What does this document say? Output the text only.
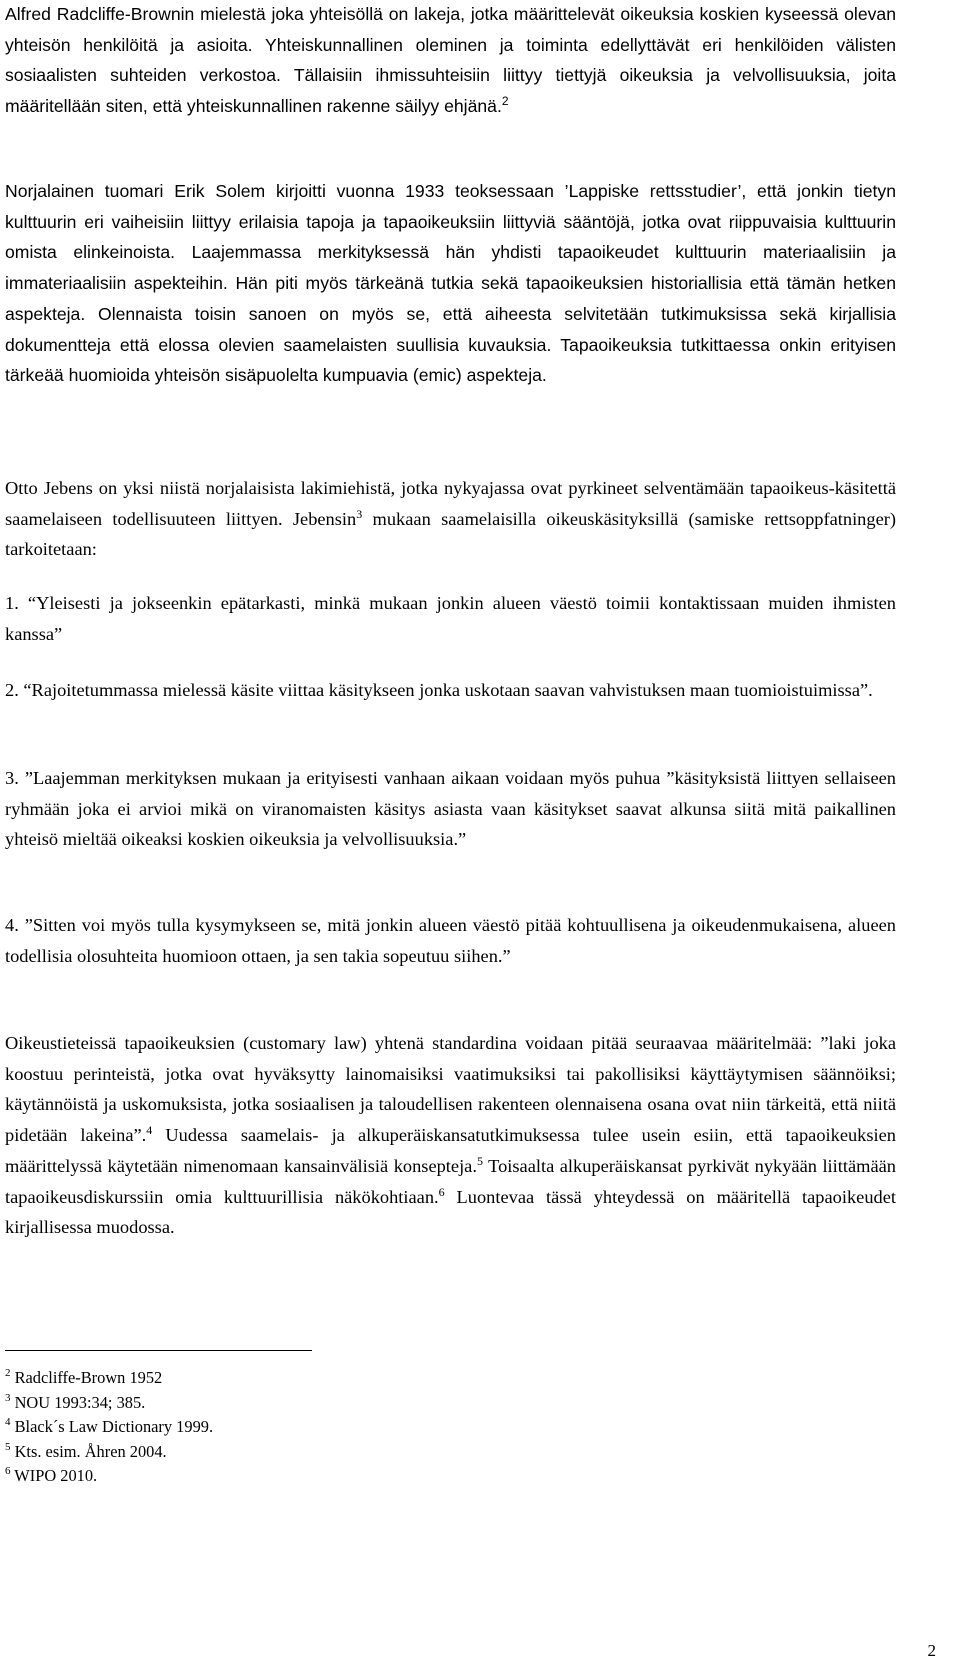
Alfred Radcliffe-Brownin mielestä joka yhteisöllä on lakeja, jotka määrittelevät oikeuksia koskien kyseessä olevan yhteisön henkilöitä ja asioita. Yhteiskunnallinen oleminen ja toiminta edellyttävät eri henkilöiden välisten sosiaalisten suhteiden verkostoa. Tällaisiin ihmissuhteisiin liittyy tiettyjä oikeuksia ja velvollisuuksia, joita määritellään siten, että yhteiskunnallinen rakenne säilyy ehjänä.$^2$

Norjalainen tuomari Erik Solem kirjoitti vuonna 1933 teoksessaan ’Lappiske rettsstudier’, että jonkin tietyn kulttuurin eri vaiheisiin liittyy erilaisia tapoja ja tapaoikeuksiin liittyviä sääntöjä, jotka ovat riippuvaisia kulttuurin omista elinkeinoista. Laajemmassa merkityksessä hän yhdisti tapaoikeudet kulttuurin materiaalisiin ja immateriaalisiin aspekteihin. Hän piti myös tärkeänä tutkia sekä tapaoikeuksien historiallisia että tämän hetken aspekteja. Olennaista toisin sanoen on myös se, että aiheesta selvitetään tutkimuksissa sekä kirjallisia dokumentteja että elossa olevien saamelaisten suullisia kuvauksia. Tapaoikeuksia tutkittaessa onkin erityisen tärkeää huomioida yhteisön sisäpuolelta kumpuavia (emic) aspekteja.

Otto Jebens on yksi niistä norjalaisista lakimiehistä, jotka nykyajassa ovat pyrkineet selventämään tapaoikeus-käsitettä saamelaiseen todellisuuteen liittyen. Jebensin$^3$ mukaan saamelaisilla oikeuskäsityksillä (samiske rettsoppfatninger) tarkoitetaan:

1. “Yleisesti ja jokseenkin epätarkasti, minkä mukaan jonkin alueen väestö toimii kontaktissaan muiden ihmisten kanssa”

2. “Rajoitetummassa mielessä käsite viittaa käsitykseen jonka uskotaan saavan vahvistuksen maan tuomioistuimissa”.

3. ”Laajemman merkityksen mukaan ja erityisesti vanhaan aikaan voidaan myös puhua ”käsityksistä liittyen sellaiseen ryhmään joka ei arvioi mikä on viranomaisten käsitys asiasta vaan käsitykset saavat alkunsa siitä mitä paikallinen yhteisö mieltää oikeaksi koskien oikeuksia ja velvollisuuksia.”

4. ”Sitten voi myös tulla kysymykseen se, mitä jonkin alueen väestö pitää kohtuullisena ja oikeudenmukaisena, alueen todellisia olosuhteita huomioon ottaen, ja sen takia sopeutuu siihen.”

Oikeustieteissä tapaoikeuksien (customary law) yhtenä standardina voidaan pitää seuraavaa määritelmää: ”laki joka koostuu perinteistä, jotka ovat hyväksytty lainomaisiksi vaatimuksiksi tai pakollisiksi käyttäytymisen säännöiksi; käytännöistä ja uskomuksista, jotka sosiaalisen ja taloudellisen rakenteen olennaisena osana ovat niin tärkeitä, että niitä pidetään lakeina”.$^4$ Uudessa saamelais- ja alkuperäiskansatutkimuksessa tulee usein esiin, että tapaoikeuksien määrittelyssä käytetään nimenomaan kansainvälisiä konsepteja.$^5$ Toisaalta alkuperäiskansat pyrkivät nykyään liittämään tapaoikeusdiskurssiin omia kulttuurillisia näkökohtiaan.$^6$ Luontevaa tässä yhteydessä on määritellä tapaoikeudet kirjallisessa muodossa.

$^2$ Radcliffe-Brown 1952
$^3$ NOU 1993:34; 385.
$^4$ Black´s Law Dictionary 1999.
$^5$ Kts. esim. Åhren 2004.
$^6$ WIPO 2010.
2
